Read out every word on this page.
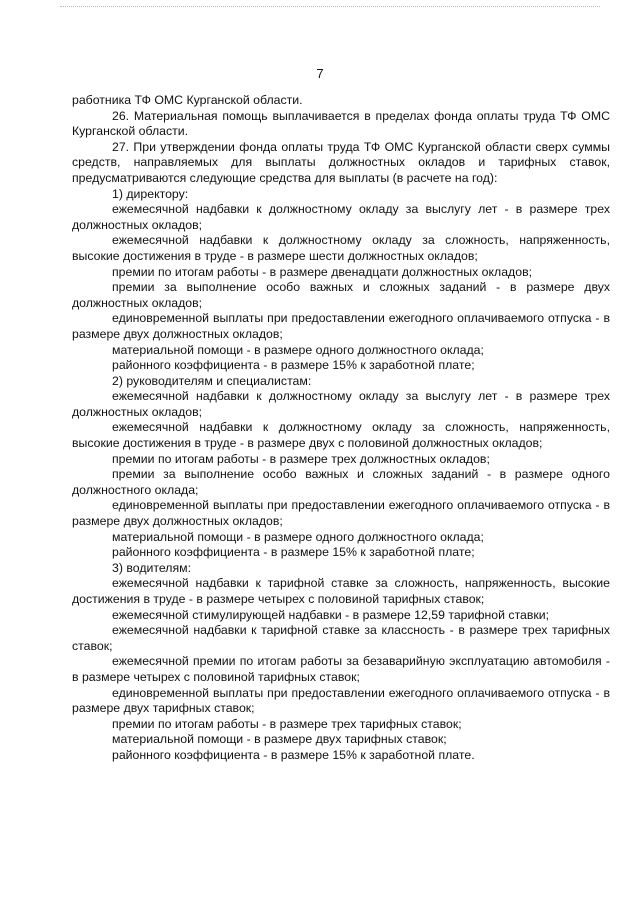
7

работника ТФ ОМС Курганской области.

26. Материальная помощь выплачивается в пределах фонда оплаты труда ТФ ОМС Курганской области.

27. При утверждении фонда оплаты труда ТФ ОМС Курганской области сверх суммы средств, направляемых для выплаты должностных окладов и тарифных ставок, предусматриваются следующие средства для выплаты (в расчете на год):

1) директору:

ежемесячной надбавки к должностному окладу за выслугу лет - в размере трех должностных окладов;

ежемесячной надбавки к должностному окладу за сложность, напряженность, высокие достижения в труде - в размере шести должностных окладов;

премии по итогам работы - в размере двенадцати должностных окладов;

премии за выполнение особо важных и сложных заданий - в размере двух должностных окладов;

единовременной выплаты при предоставлении ежегодного оплачиваемого отпуска - в размере двух должностных окладов;

материальной помощи - в размере одного должностного оклада;

районного коэффициента - в размере 15% к заработной плате;

2) руководителям и специалистам:

ежемесячной надбавки к должностному окладу за выслугу лет - в размере трех должностных окладов;

ежемесячной надбавки к должностному окладу за сложность, напряженность, высокие достижения в труде - в размере двух с половиной должностных окладов;

премии по итогам работы - в размере трех должностных окладов;

премии за выполнение особо важных и сложных заданий - в размере одного должностного оклада;

единовременной выплаты при предоставлении ежегодного оплачиваемого отпуска - в размере двух должностных окладов;

материальной помощи - в размере одного должностного оклада;

районного коэффициента - в размере 15% к заработной плате;

3) водителям:

ежемесячной надбавки к тарифной ставке за сложность, напряженность, высокие достижения в труде - в размере четырех с половиной тарифных ставок;

ежемесячной стимулирующей надбавки - в размере 12,59 тарифной ставки;

ежемесячной надбавки к тарифной ставке за классность - в размере трех тарифных ставок;

ежемесячной премии по итогам работы за безаварийную эксплуатацию автомобиля - в размере четырех с половиной тарифных ставок;

единовременной выплаты при предоставлении ежегодного оплачиваемого отпуска - в размере двух тарифных ставок;

премии по итогам работы - в размере трех тарифных ставок;

материальной помощи - в размере двух тарифных ставок;

районного коэффициента - в размере 15% к заработной плате.
